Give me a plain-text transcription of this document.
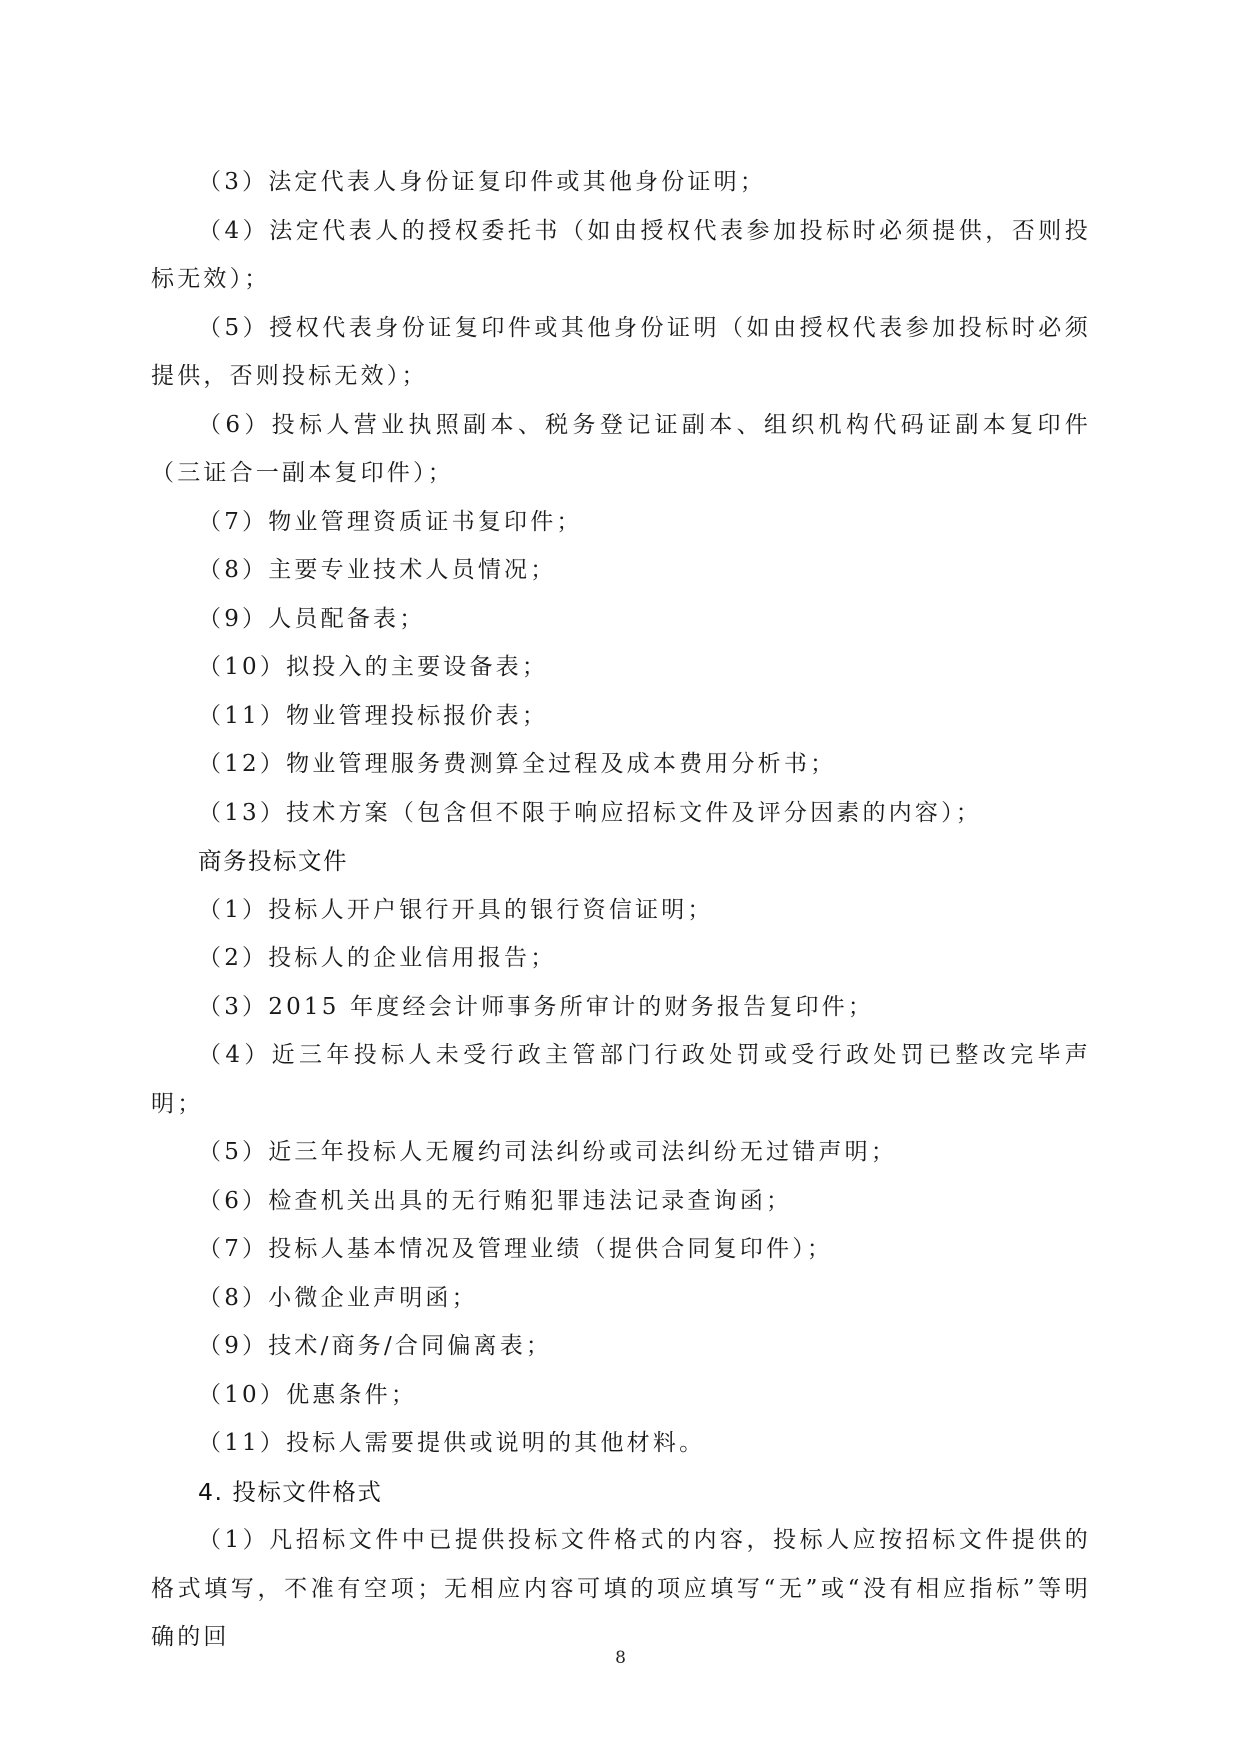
（3）法定代表人身份证复印件或其他身份证明；

（4）法定代表人的授权委托书（如由授权代表参加投标时必须提供，否则投标无效）；

（5）授权代表身份证复印件或其他身份证明（如由授权代表参加投标时必须提供，否则投标无效）；

（6）投标人营业执照副本、税务登记证副本、组织机构代码证副本复印件（三证合一副本复印件）；

（7）物业管理资质证书复印件；

（8）主要专业技术人员情况；

（9）人员配备表；

（10）拟投入的主要设备表；

（11）物业管理投标报价表；

（12）物业管理服务费测算全过程及成本费用分析书；

（13）技术方案（包含但不限于响应招标文件及评分因素的内容）；

商务投标文件

（1）投标人开户银行开具的银行资信证明；

（2）投标人的企业信用报告；

（3）2015 年度经会计师事务所审计的财务报告复印件；

（4）近三年投标人未受行政主管部门行政处罚或受行政处罚已整改完毕声明；

（5）近三年投标人无履约司法纠纷或司法纠纷无过错声明；

（6）检查机关出具的无行贿犯罪违法记录查询函；

（7）投标人基本情况及管理业绩（提供合同复印件）；

（8）小微企业声明函；

（9）技术/商务/合同偏离表；

（10）优惠条件；

（11）投标人需要提供或说明的其他材料。

4. 投标文件格式

（1）凡招标文件中已提供投标文件格式的内容，投标人应按招标文件提供的格式填写，不准有空项；无相应内容可填的项应填写“无”或“没有相应指标”等明确的回

8
